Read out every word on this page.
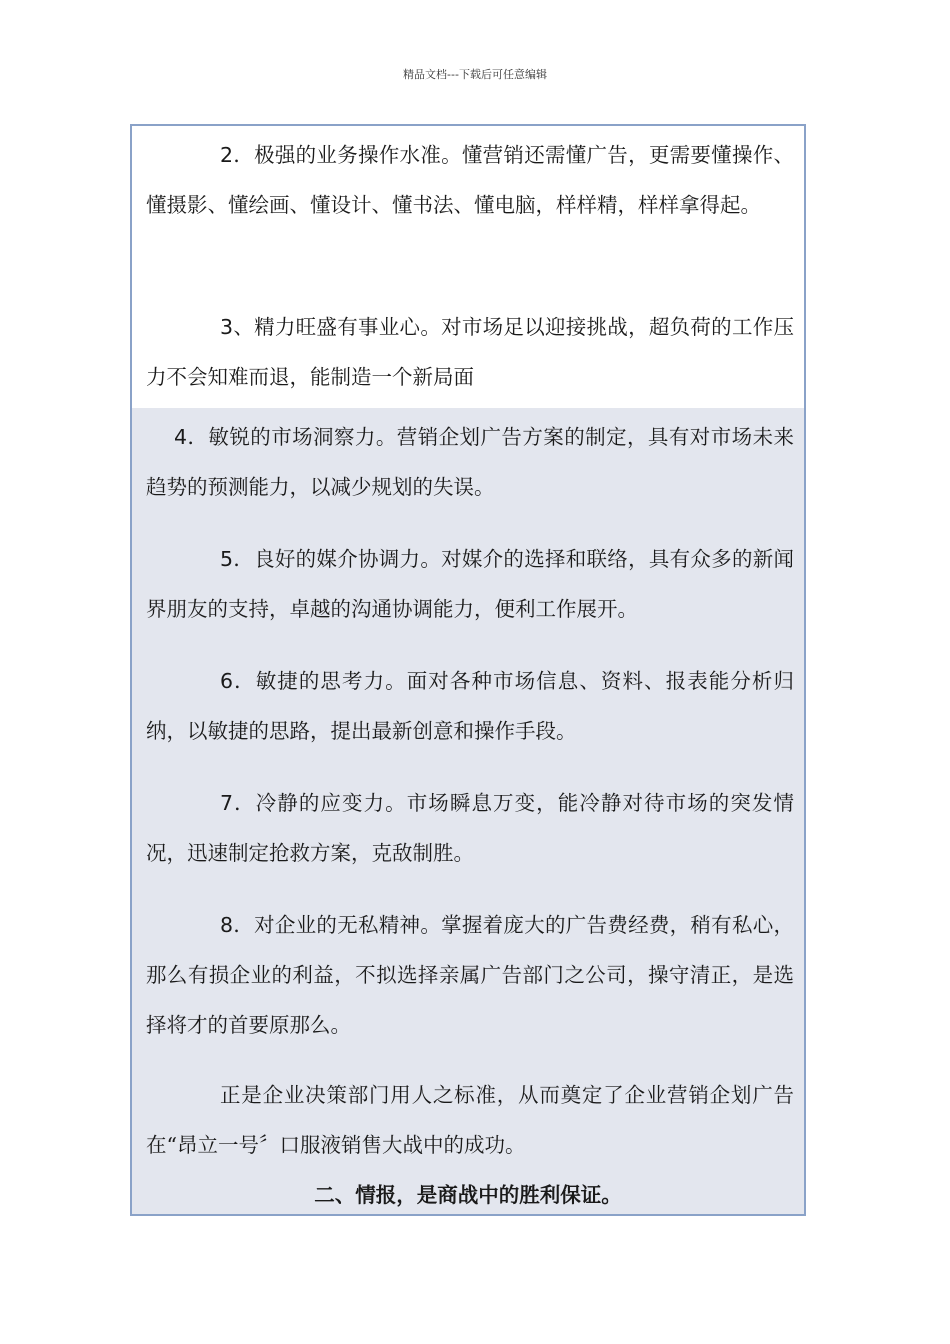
精品文档---下载后可任意编辑

2．极强的业务操作水准。懂营销还需懂广告，更需要懂操作、懂摄影、懂绘画、懂设计、懂书法、懂电脑，样样精，样样拿得起。

3、精力旺盛有事业心。对市场足以迎接挑战，超负荷的工作压力不会知难而退，能制造一个新局面

4．敏锐的市场洞察力。营销企划广告方案的制定，具有对市场未来趋势的预测能力，以减少规划的失误。

5．良好的媒介协调力。对媒介的选择和联络，具有众多的新闻界朋友的支持，卓越的沟通协调能力，便利工作展开。

6．敏捷的思考力。面对各种市场信息、资料、报表能分析归纳，以敏捷的思路，提出最新创意和操作手段。

7．冷静的应变力。市场瞬息万变，能冷静对待市场的突发情况，迅速制定抢救方案，克敌制胜。

8．对企业的无私精神。掌握着庞大的广告费经费，稍有私心，那么有损企业的利益，不拟选择亲属广告部门之公司，操守清正，是选择将才的首要原那么。

正是企业决策部门用人之标准，从而奠定了企业营销企划广告在“昂立一号〞口服液销售大战中的成功。

二、情报，是商战中的胜利保证。
